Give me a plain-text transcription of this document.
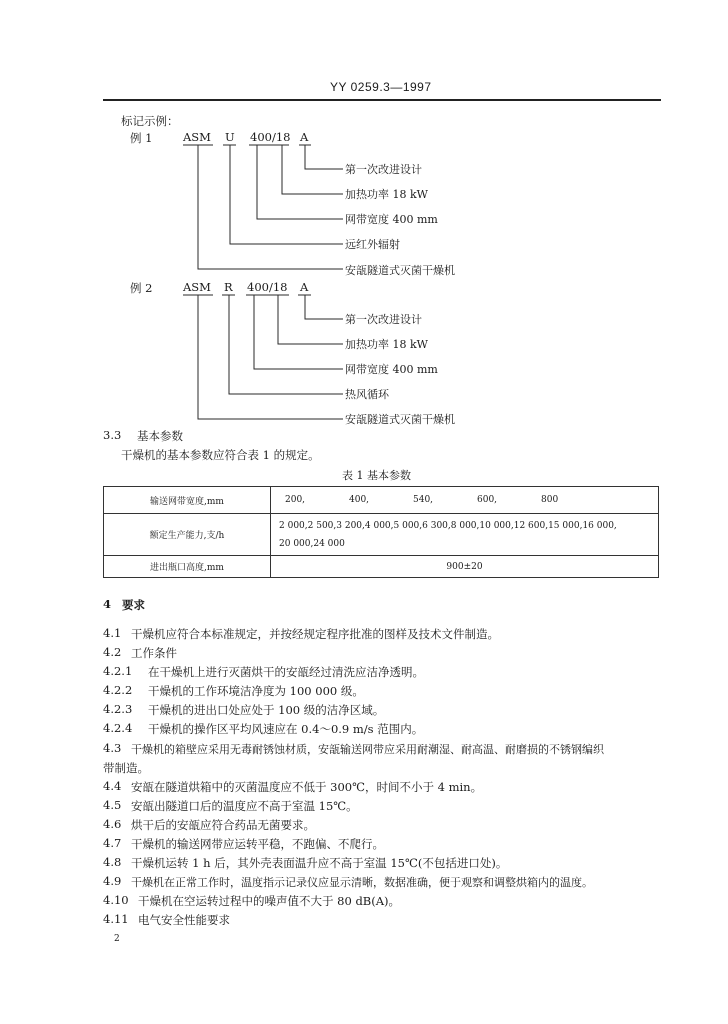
YY 0259.3—1997
标记示例：
例 1	ASM U 400/18 A
第一次改进设计
加热功率 18 kW
网带宽度 400 mm
远红外辐射
安瓿隧道式灭菌干燥机
例 2	ASM R 400/18 A
第一次改进设计
加热功率 18 kW
网带宽度 400 mm
热风循环
安瓿隧道式灭菌干燥机
3.3 基本参数
干燥机的基本参数应符合表 1 的规定。
表 1 基本参数
输送网带宽度,mm	200, 400, 540, 600, 800
额定生产能力,支/h	2 000,2 500,3 200,4 000,5 000,6 300,8 000,10 000,12 600,15 000,16 000,
20 000,24 000

进出瓶口高度,mm	900±20
4 要求
4.1 干燥机应符合本标准规定，并按经规定程序批准的图样及技术文件制造。
4.2 工作条件
4.2.1 在干燥机上进行灭菌烘干的安瓿经过清洗应洁净透明。
4.2.2 干燥机的工作环境洁净度为 100 000 级。
4.2.3 干燥机的进出口处应处于 100 级的洁净区域。
4.2.4 干燥机的操作区平均风速应在 0.4～0.9 m/s 范围内。
4.3 干燥机的箱壁应采用无毒耐锈蚀材质，安瓿输送网带应采用耐潮湿、耐高温、耐磨损的不锈钢编织
带制造。
4.4 安瓿在隧道烘箱中的灭菌温度应不低于 300℃，时间不小于 4 min。
4.5 安瓿出隧道口后的温度应不高于室温 15℃。
4.6 烘干后的安瓿应符合药品无菌要求。
4.7 干燥机的输送网带应运转平稳，不跑偏、不爬行。
4.8 干燥机运转 1 h 后，其外壳表面温升应不高于室温 15℃(不包括进口处)。
4.9 干燥机在正常工作时，温度指示记录仪应显示清晰，数据准确，便于观察和调整烘箱内的温度。
4.10 干燥机在空运转过程中的噪声值不大于 80 dB(A)。
4.11 电气安全性能要求
2
